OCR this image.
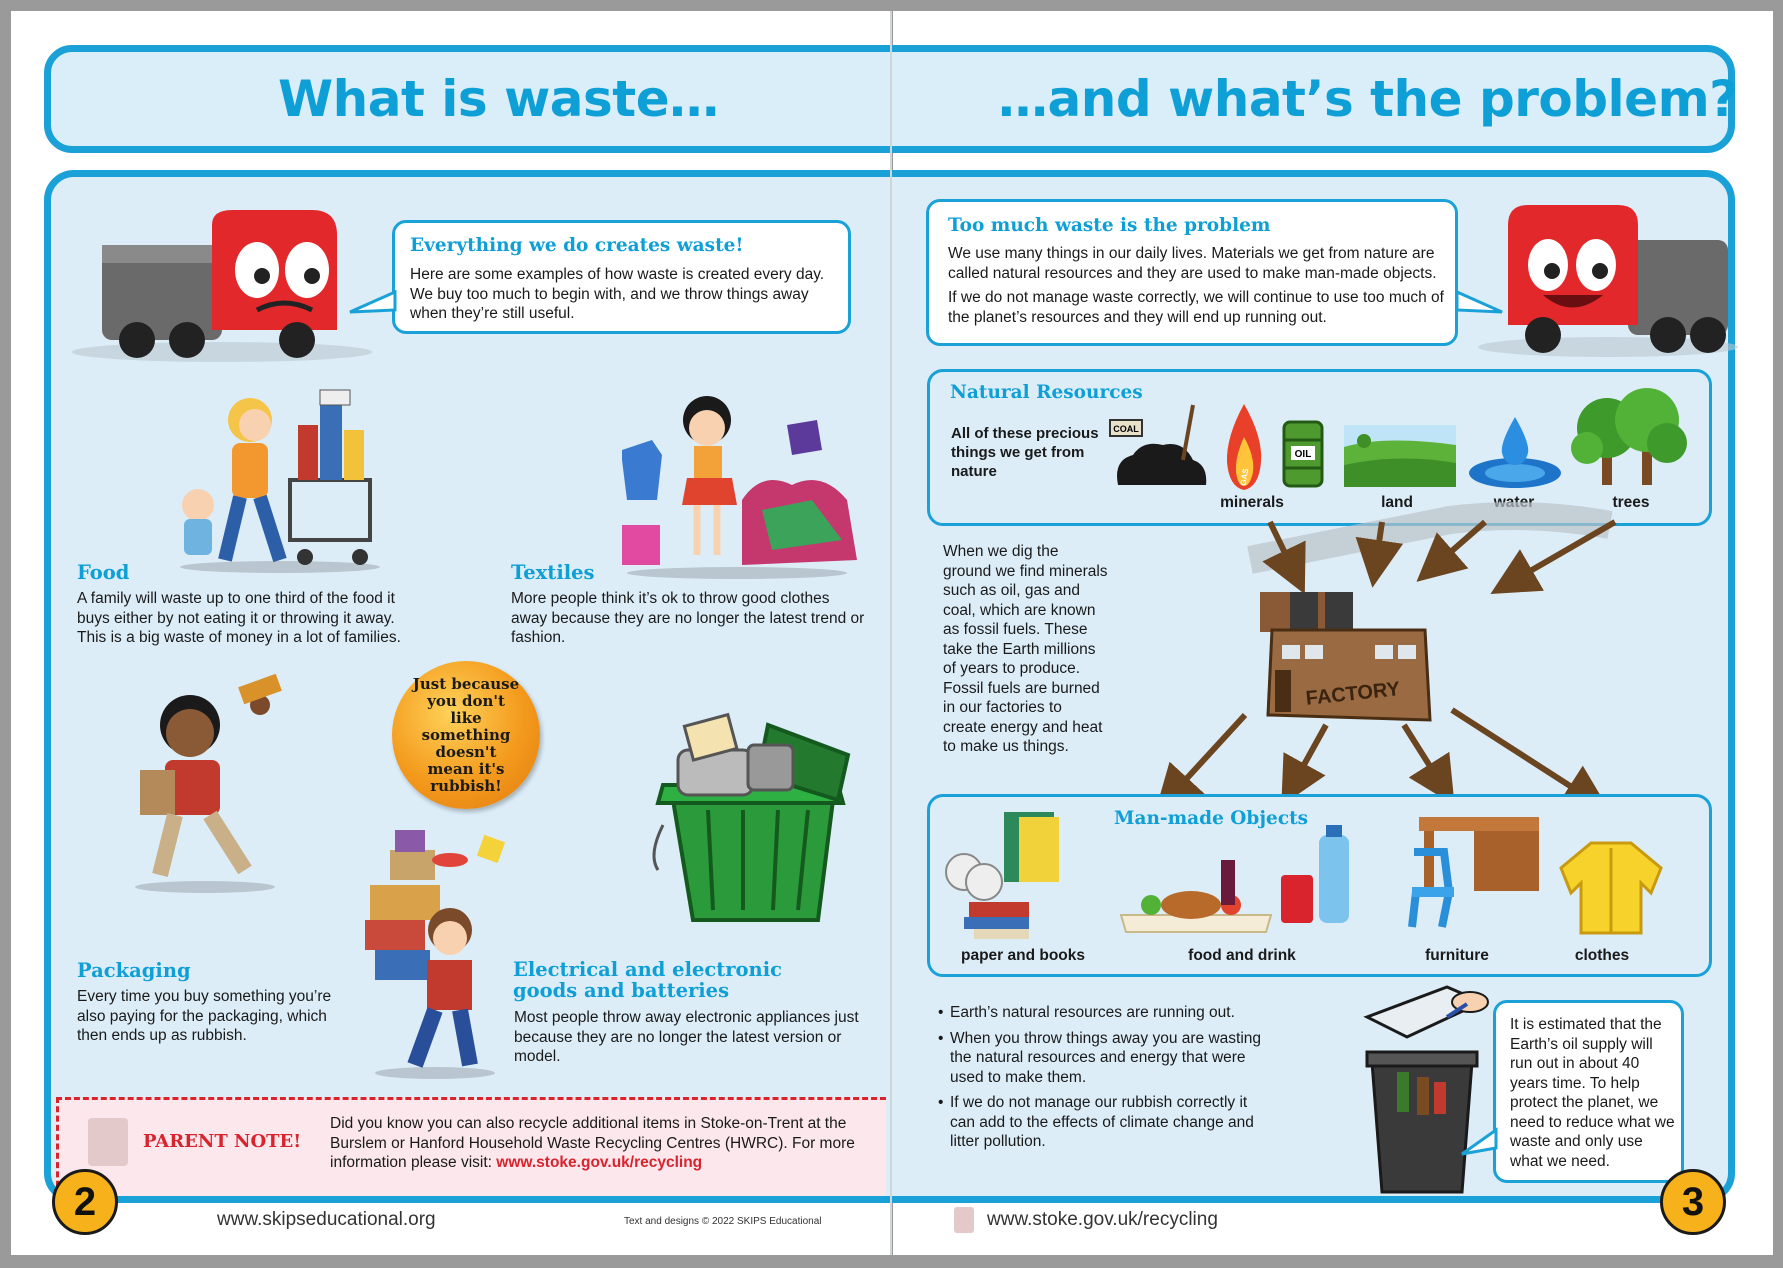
What is waste…	…and what’s the problem?
Everything we do creates waste!
Here are some examples of how waste is created every day. We buy too much to begin with, and we throw things away when they’re still useful.
Food
A family will waste up to one third of the food it buys either by not eating it or throwing it away. This is a big waste of money in a lot of families.
Textiles
More people think it’s ok to throw good clothes away because they are no longer the latest trend or fashion.
Just because you don't like something doesn't mean it's rubbish!
Packaging
Every time you buy something you’re also paying for the packaging, which then ends up as rubbish.
Electrical and electronic goods and batteries
Most people throw away electronic appliances just because they are no longer the latest version or model.
PARENT NOTE!
Did you know you can also recycle additional items in Stoke-on-Trent at the Burslem or Hanford Household Waste Recycling Centres (HWRC). For more information please visit: www.stoke.gov.uk/recycling
2	www.skipseducational.org	Text and designs © 2022 SKIPS Educational
Too much waste is the problem
We use many things in our daily lives. Materials we get from nature are called natural resources and they are used to make man-made objects.
If we do not manage waste correctly, we will continue to use too much of the planet’s resources and they will end up running out.
Natural Resources
All of these precious things we get from nature
COAL
GAS
OIL
minerals	land	water	trees
When we dig the ground we find minerals such as oil, gas and coal, which are known as fossil fuels. These take the Earth millions of years to produce. Fossil fuels are burned in our factories to create energy and heat to make us things.
FACTORY
Man-made Objects
paper and books	food and drink	furniture	clothes
• Earth’s natural resources are running out.
• When you throw things away you are wasting the natural resources and energy that were used to make them.
• If we do not manage our rubbish correctly it can add to the effects of climate change and litter pollution.
It is estimated that the Earth’s oil supply will run out in about 40 years time. To help protect the planet, we need to reduce what we waste and only use what we need.
www.stoke.gov.uk/recycling	3
